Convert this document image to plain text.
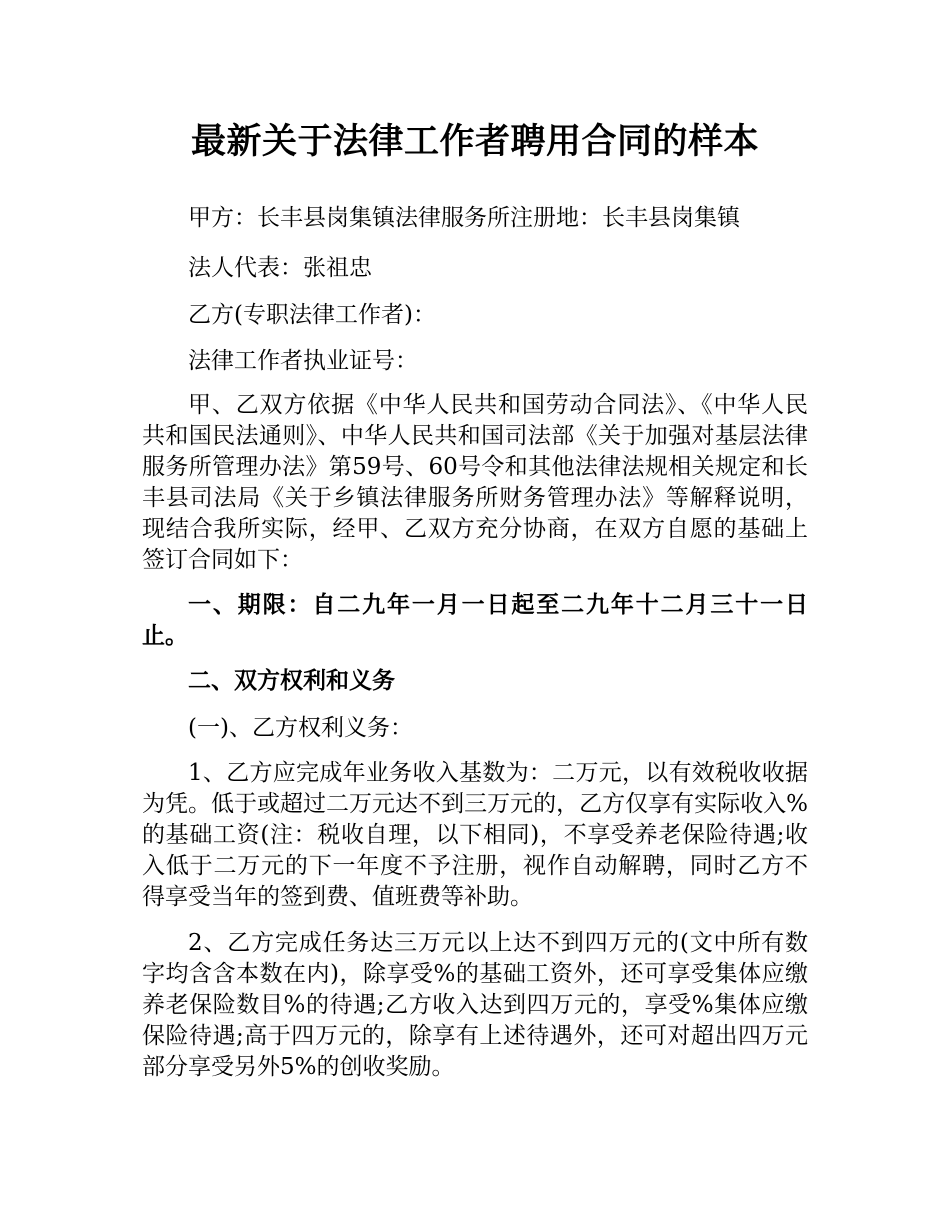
最新关于法律工作者聘用合同的样本

甲方：长丰县岗集镇法律服务所注册地：长丰县岗集镇

法人代表：张祖忠

乙方(专职法律工作者)：

法律工作者执业证号：

甲、乙双方依据《中华人民共和国劳动合同法》、《中华人民共和国民法通则》、中华人民共和国司法部《关于加强对基层法律服务所管理办法》第59号、60号令和其他法律法规相关规定和长丰县司法局《关于乡镇法律服务所财务管理办法》等解释说明，现结合我所实际，经甲、乙双方充分协商，在双方自愿的基础上签订合同如下：

一、期限：自二九年一月一日起至二九年十二月三十一日止。

二、双方权利和义务

(一)、乙方权利义务：

1、乙方应完成年业务收入基数为：二万元，以有效税收收据为凭。低于或超过二万元达不到三万元的，乙方仅享有实际收入%的基础工资(注：税收自理，以下相同)，不享受养老保险待遇;收入低于二万元的下一年度不予注册，视作自动解聘，同时乙方不得享受当年的签到费、值班费等补助。

2、乙方完成任务达三万元以上达不到四万元的(文中所有数字均含含本数在内)，除享受%的基础工资外，还可享受集体应缴养老保险数目%的待遇;乙方收入达到四万元的，享受%集体应缴保险待遇;高于四万元的，除享有上述待遇外，还可对超出四万元部分享受另外5%的创收奖励。
